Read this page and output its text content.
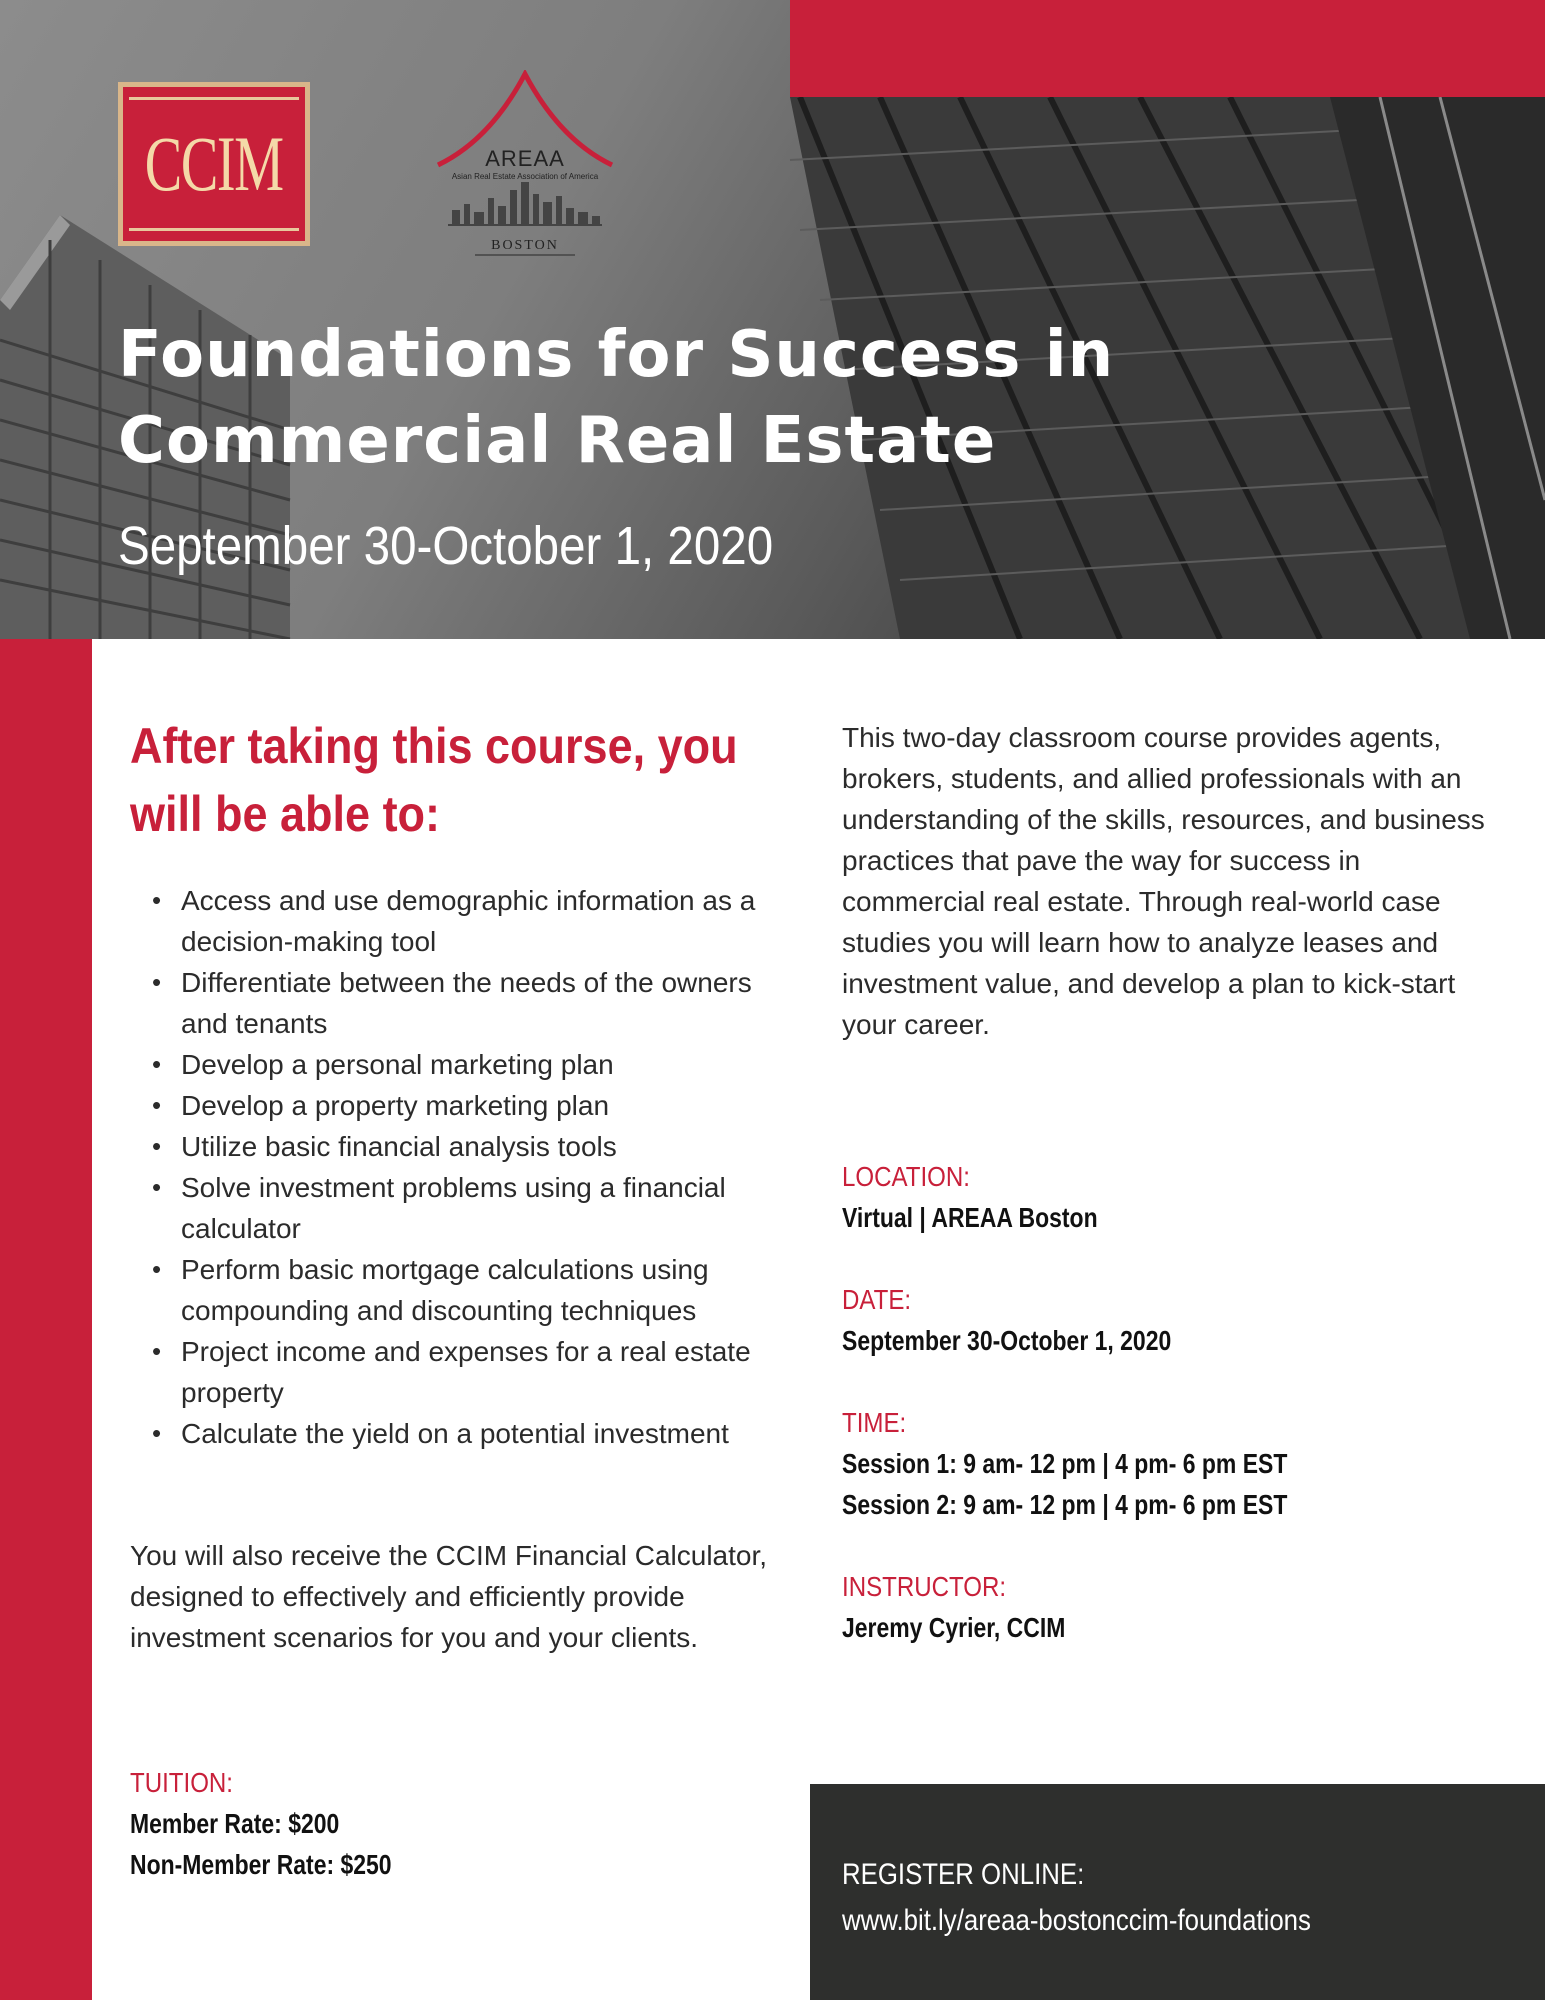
CCIM	AREAA
Asian Real Estate Association of America
BOSTON
Foundations for Success in
Commercial Real Estate
September 30-October 1, 2020
After taking this course, you
will be able to:
• Access and use demographic information as a decision-making tool
• Differentiate between the needs of the owners and tenants
• Develop a personal marketing plan
• Develop a property marketing plan
• Utilize basic financial analysis tools
• Solve investment problems using a financial calculator
• Perform basic mortgage calculations using compounding and discounting techniques
• Project income and expenses for a real estate property
• Calculate the yield on a potential investment

You will also receive the CCIM Financial Calculator, designed to effectively and efficiently provide investment scenarios for you and your clients.

TUITION:
Member Rate: $200
Non-Member Rate: $250

This two-day classroom course provides agents, brokers, students, and allied professionals with an understanding of the skills, resources, and business practices that pave the way for success in commercial real estate. Through real-world case studies you will learn how to analyze leases and investment value, and develop a plan to kick-start your career.

LOCATION:
Virtual | AREAA Boston
DATE:
September 30-October 1, 2020
TIME:
Session 1: 9 am- 12 pm | 4 pm- 6 pm EST
Session 2: 9 am- 12 pm | 4 pm- 6 pm EST
INSTRUCTOR:
Jeremy Cyrier, CCIM
REGISTER ONLINE:
www.bit.ly/areaa-bostonccim-foundations
